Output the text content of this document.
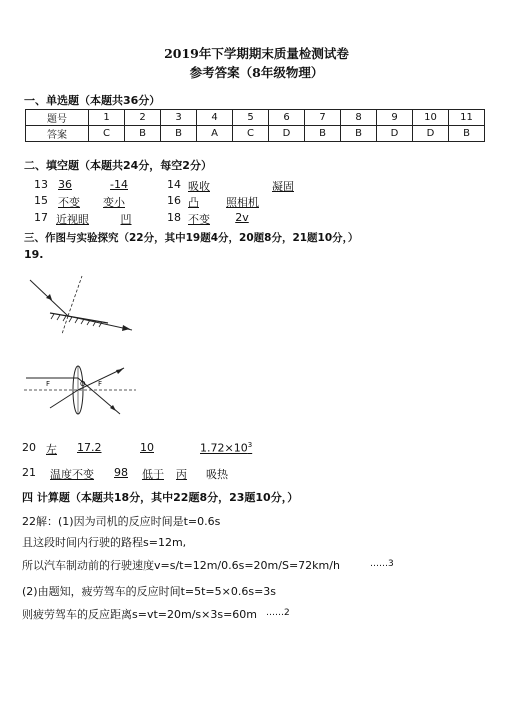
2019年下学期期末质量检测试卷
参考答案（8年级物理）
一、单选题（本题共36分）
题号	1	2	3	4	5	6	7	8	9	10	11
答案	C	B	B	A	C	D	B	B	D	D	B
二、填空题（本题共24分，每空2分）
13 36	-14	14 吸收	凝固
15 不变 变小	16 凸	照相机
17 近视眼	凹	18 不变 2v
三、作图与实验探究（22分，其中19题4分，20题8分，21题10分，）
19.
F	O F
20 左 17.2	10	$1.72\times 10^3$
21 温度不变 98 低于 丙 吸热
四 计算题（本题共18分，其中22题8分，23题10分，）
22解：(1)因为司机的反应时间是t=0.6s
且这段时间内行驶的路程s=12m,
所以汽车制动前的行驶速度v=s/t=12m/0.6s=20m/S=72km/h	……3
(2)由题知，疲劳驾车的反应时间t=5t=5×0.6s=3s
则疲劳驾车的反应距离s=vt=20m/s×3s=60m ……2
